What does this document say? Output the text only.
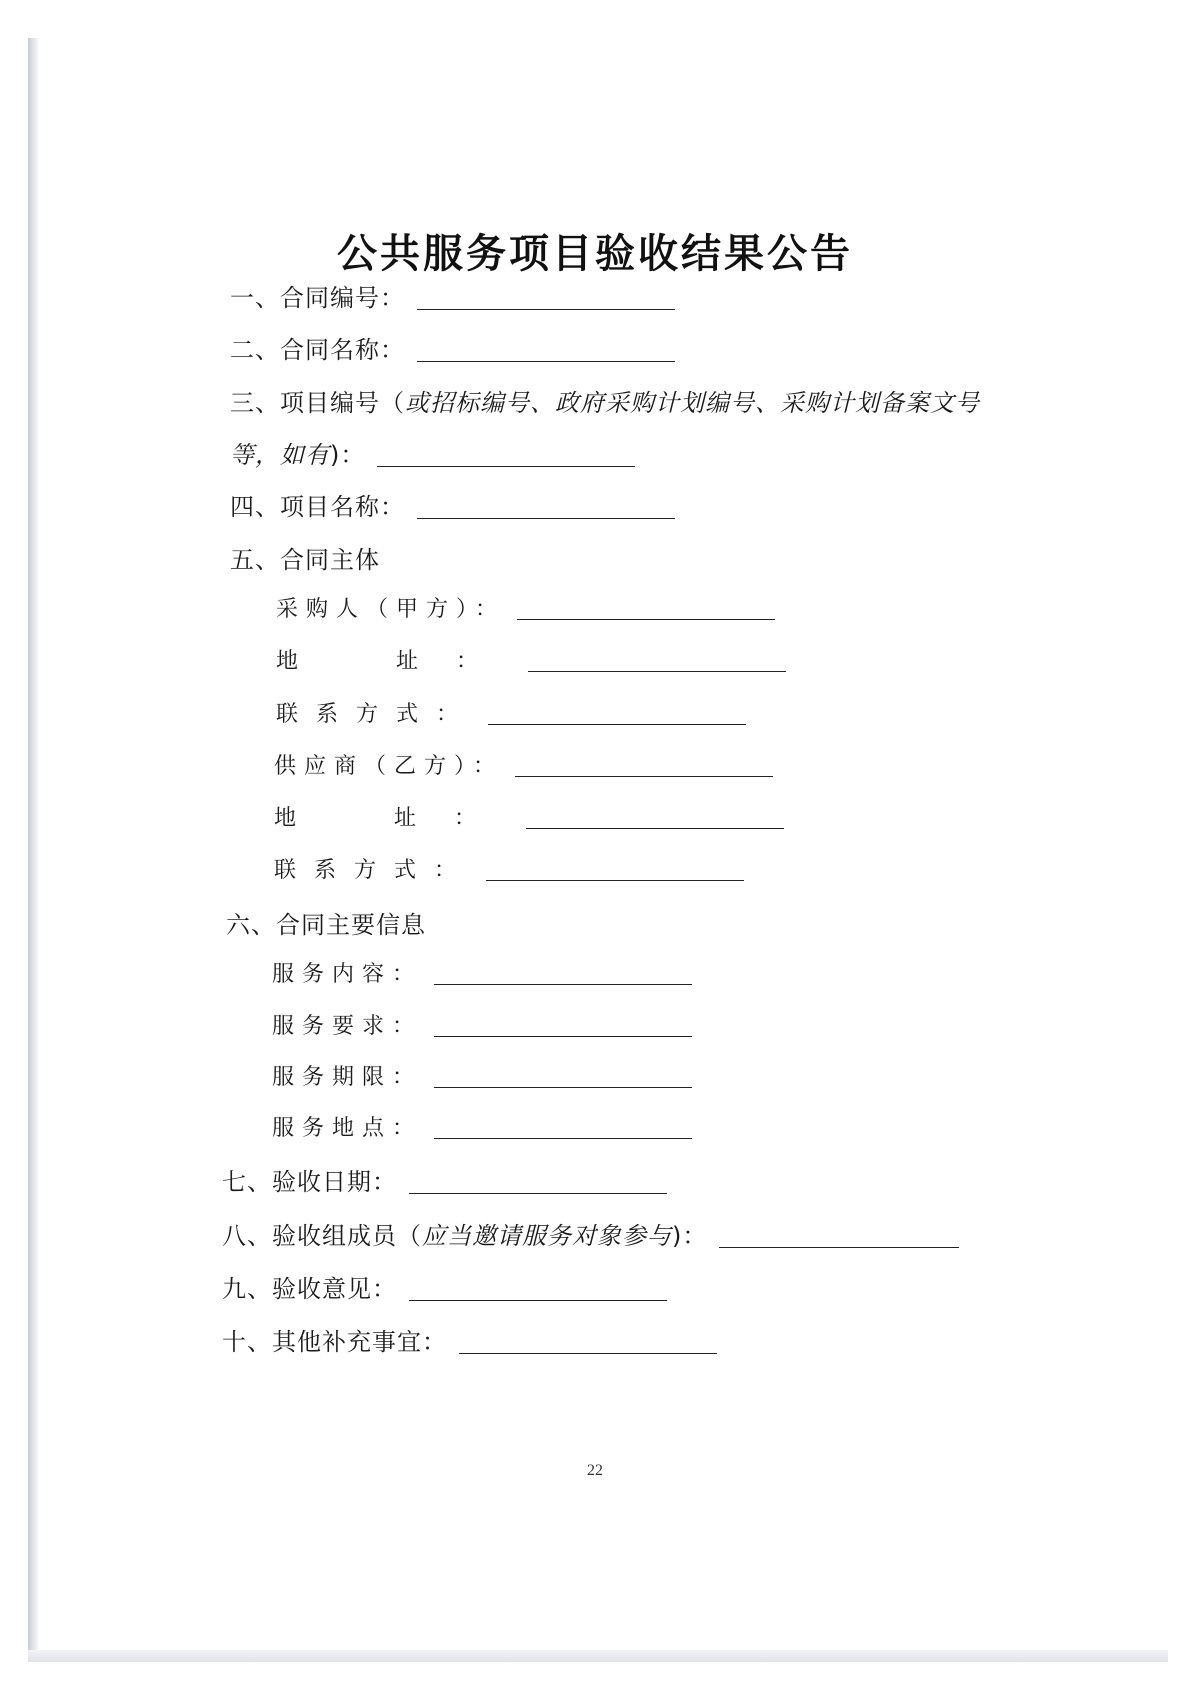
公共服务项目验收结果公告
一、合同编号：
二、合同名称：
三、项目编号（ 或招标编号、政府采购计划编号、采购计划备案文号
等，如有 )：
四、项目名称：
五、合同主体
采购人（甲方）：
地　址：
联系方式：
供应商（乙方）：
地　址：
联系方式：
六、合同主要信息
服务内容：
服务要求：
服务期限：
服务地点：
七、验收日期：
八、验收组成员（ 应当邀请服务对象参与 )：
九、验收意见：
十、其他补充事宜：
22
